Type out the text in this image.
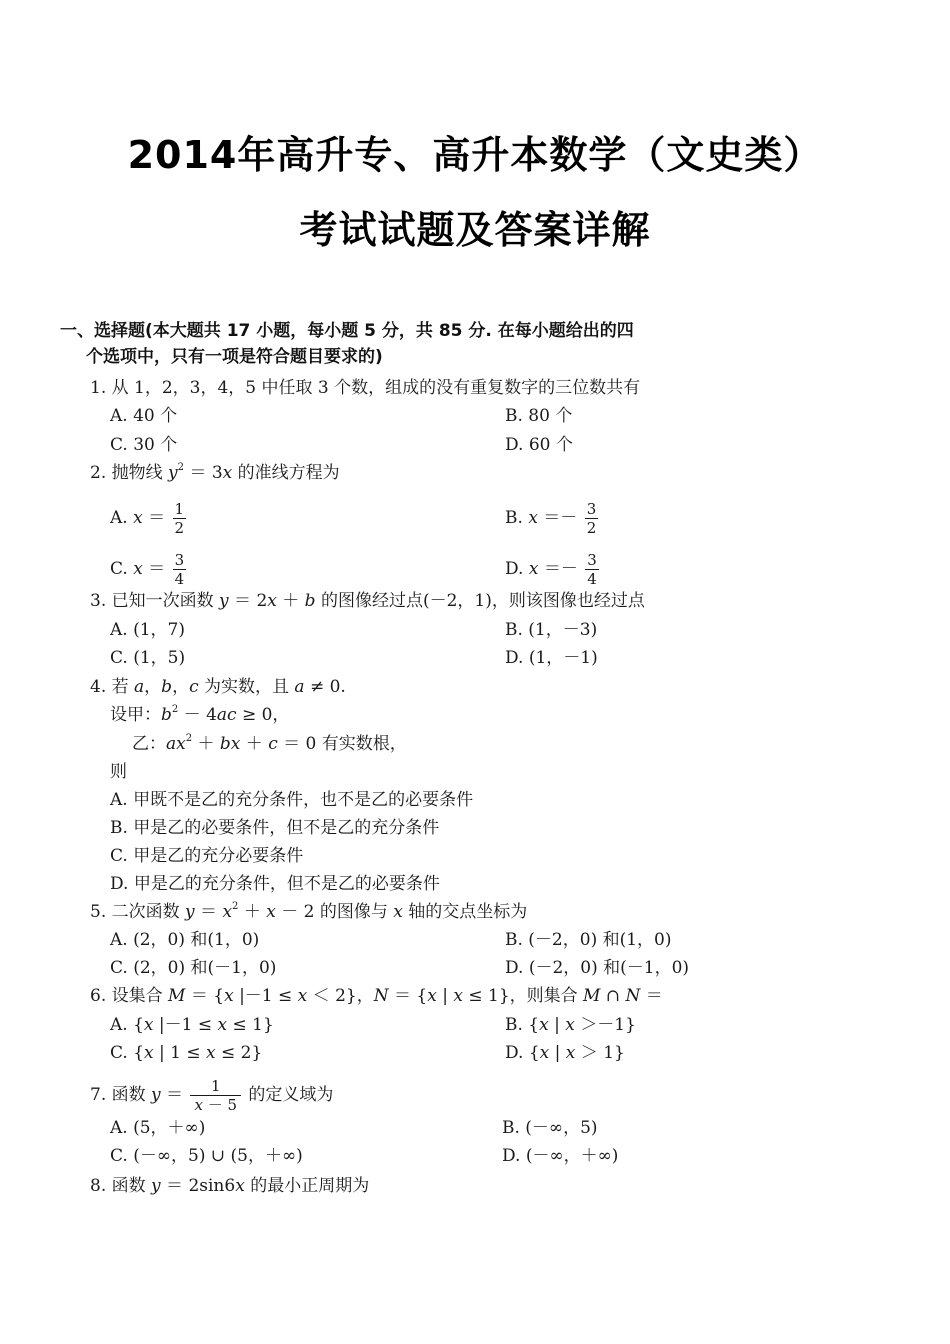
2014年高升专、高升本数学（文史类）
考试试题及答案详解
一、选择题(本大题共 17 小题，每小题 5 分，共 85 分. 在每小题给出的四
个选项中，只有一项是符合题目要求的)
1. 从 1，2，3，4，5 中任取 3 个数，组成的没有重复数字的三位数共有
A. 40 个	B. 80 个
C. 30 个	D. 60 个
2. 抛物线 $y^2 = 3x$ 的准线方程为
A. $x = \frac{1}{2}$	B. $x =- \frac{3}{2}$
C. $x = \frac{3}{4}$	D. $x =- \frac{3}{4}$
3. 已知一次函数 y ＝ 2x ＋ b 的图像经过点(－2，1)，则该图像也经过点
A. (1，7)	B. (1，－3)
C. (1，5)	D. (1，－1)
4. 若 a，b，c 为实数，且 a ≠ 0.
设甲：$b^2 - 4ac \ge 0$，
乙：$ax^2$ ＋ bx ＋ c ＝ 0 有实数根，
则
A. 甲既不是乙的充分条件，也不是乙的必要条件
B. 甲是乙的必要条件，但不是乙的充分条件
C. 甲是乙的充分必要条件
D. 甲是乙的充分条件，但不是乙的必要条件
5. 二次函数 $y = x^2 + x - 2$ 的图像与 x 轴的交点坐标为
A. (2，0) 和(1，0)	B. (－2，0) 和(1，0)
C. (2，0) 和(－1，0)	D. (－2，0) 和(－1，0)
6. 设集合 M ＝ {x |－1 ≤ x ＜ 2}，N ＝ {x | x ≤ 1}，则集合 M ∩ N ＝
A. {x |－1 ≤ x ≤ 1}	B. {x | x ＞－1}
C. {x | 1 ≤ x ≤ 2}	D. {x | x ＞ 1}
7. 函数 $y = \frac{1}{x - 5}$ 的定义域为
A. (5，＋∞)	B. (－∞，5)
C. (－∞，5) ∪ (5，＋∞)	D. (－∞，＋∞)
8. 函数 y ＝ 2sin6x 的最小正周期为
